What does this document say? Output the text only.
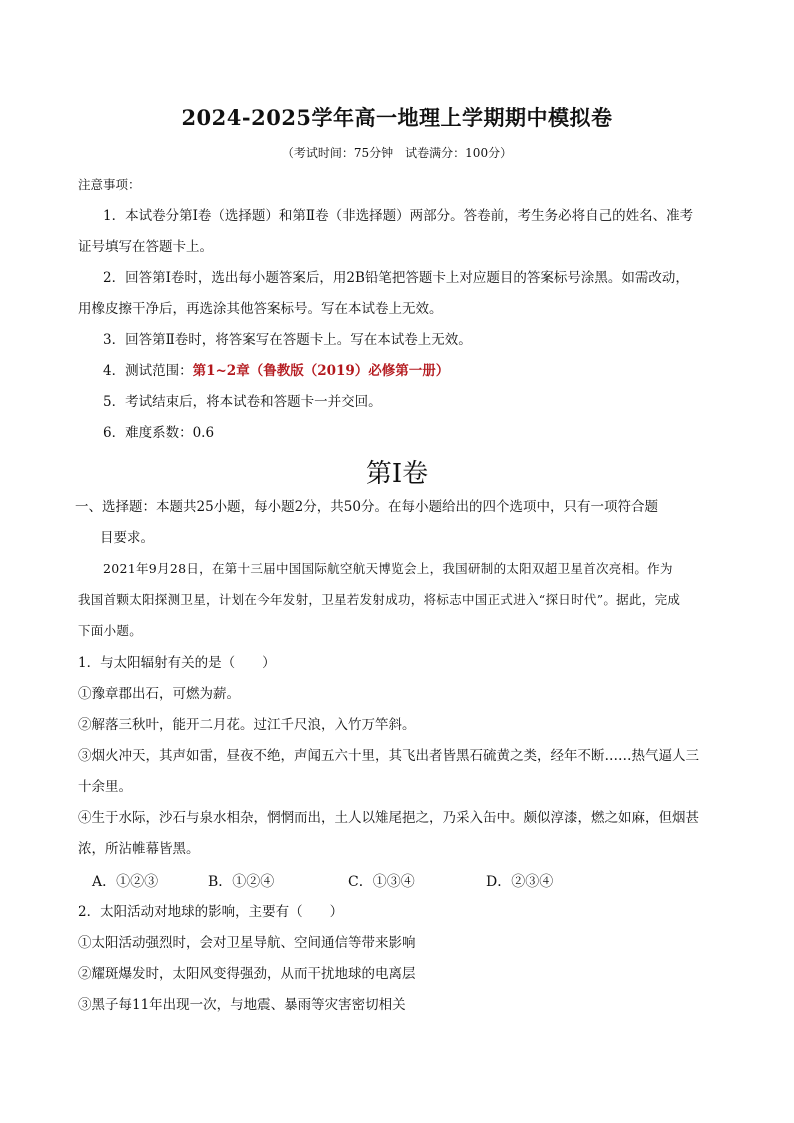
2024-2025学年高一地理上学期期中模拟卷
（考试时间：75分钟　试卷满分：100分）
注意事项：
1．本试卷分第Ⅰ卷（选择题）和第Ⅱ卷（非选择题）两部分。答卷前，考生务必将自己的姓名、准考
证号填写在答题卡上。
2．回答第Ⅰ卷时，选出每小题答案后，用2B铅笔把答题卡上对应题目的答案标号涂黑。如需改动，
用橡皮擦干净后，再选涂其他答案标号。写在本试卷上无效。
3．回答第Ⅱ卷时，将答案写在答题卡上。写在本试卷上无效。
4．测试范围：第1~2章（鲁教版（2019）必修第一册）
5．考试结束后，将本试卷和答题卡一并交回。
6．难度系数：0.6
第Ⅰ卷
一、选择题：本题共25小题，每小题2分，共50分。在每小题给出的四个选项中，只有一项符合题
目要求。
2021年9月28日，在第十三届中国国际航空航天博览会上，我国研制的太阳双超卫星首次亮相。作为
我国首颗太阳探测卫星，计划在今年发射，卫星若发射成功，将标志中国正式进入“探日时代”。据此，完成
下面小题。
1．与太阳辐射有关的是（　　）
①豫章郡出石，可燃为薪。
②解落三秋叶，能开二月花。过江千尺浪，入竹万竿斜。
③烟火冲天，其声如雷，昼夜不绝，声闻五六十里，其飞出者皆黑石硫黄之类，经年不断……热气逼人三
十余里。
④生于水际，沙石与泉水相杂，惘惘而出，土人以雉尾挹之，乃采入缶中。颇似淳漆，燃之如麻，但烟甚
浓，所沾帷幕皆黑。
A．①②③	B．①②④	C．①③④	D．②③④
2．太阳活动对地球的影响，主要有（　　）
①太阳活动强烈时，会对卫星导航、空间通信等带来影响
②耀斑爆发时，太阳风变得强劲，从而干扰地球的电离层
③黑子每11年出现一次，与地震、暴雨等灾害密切相关
